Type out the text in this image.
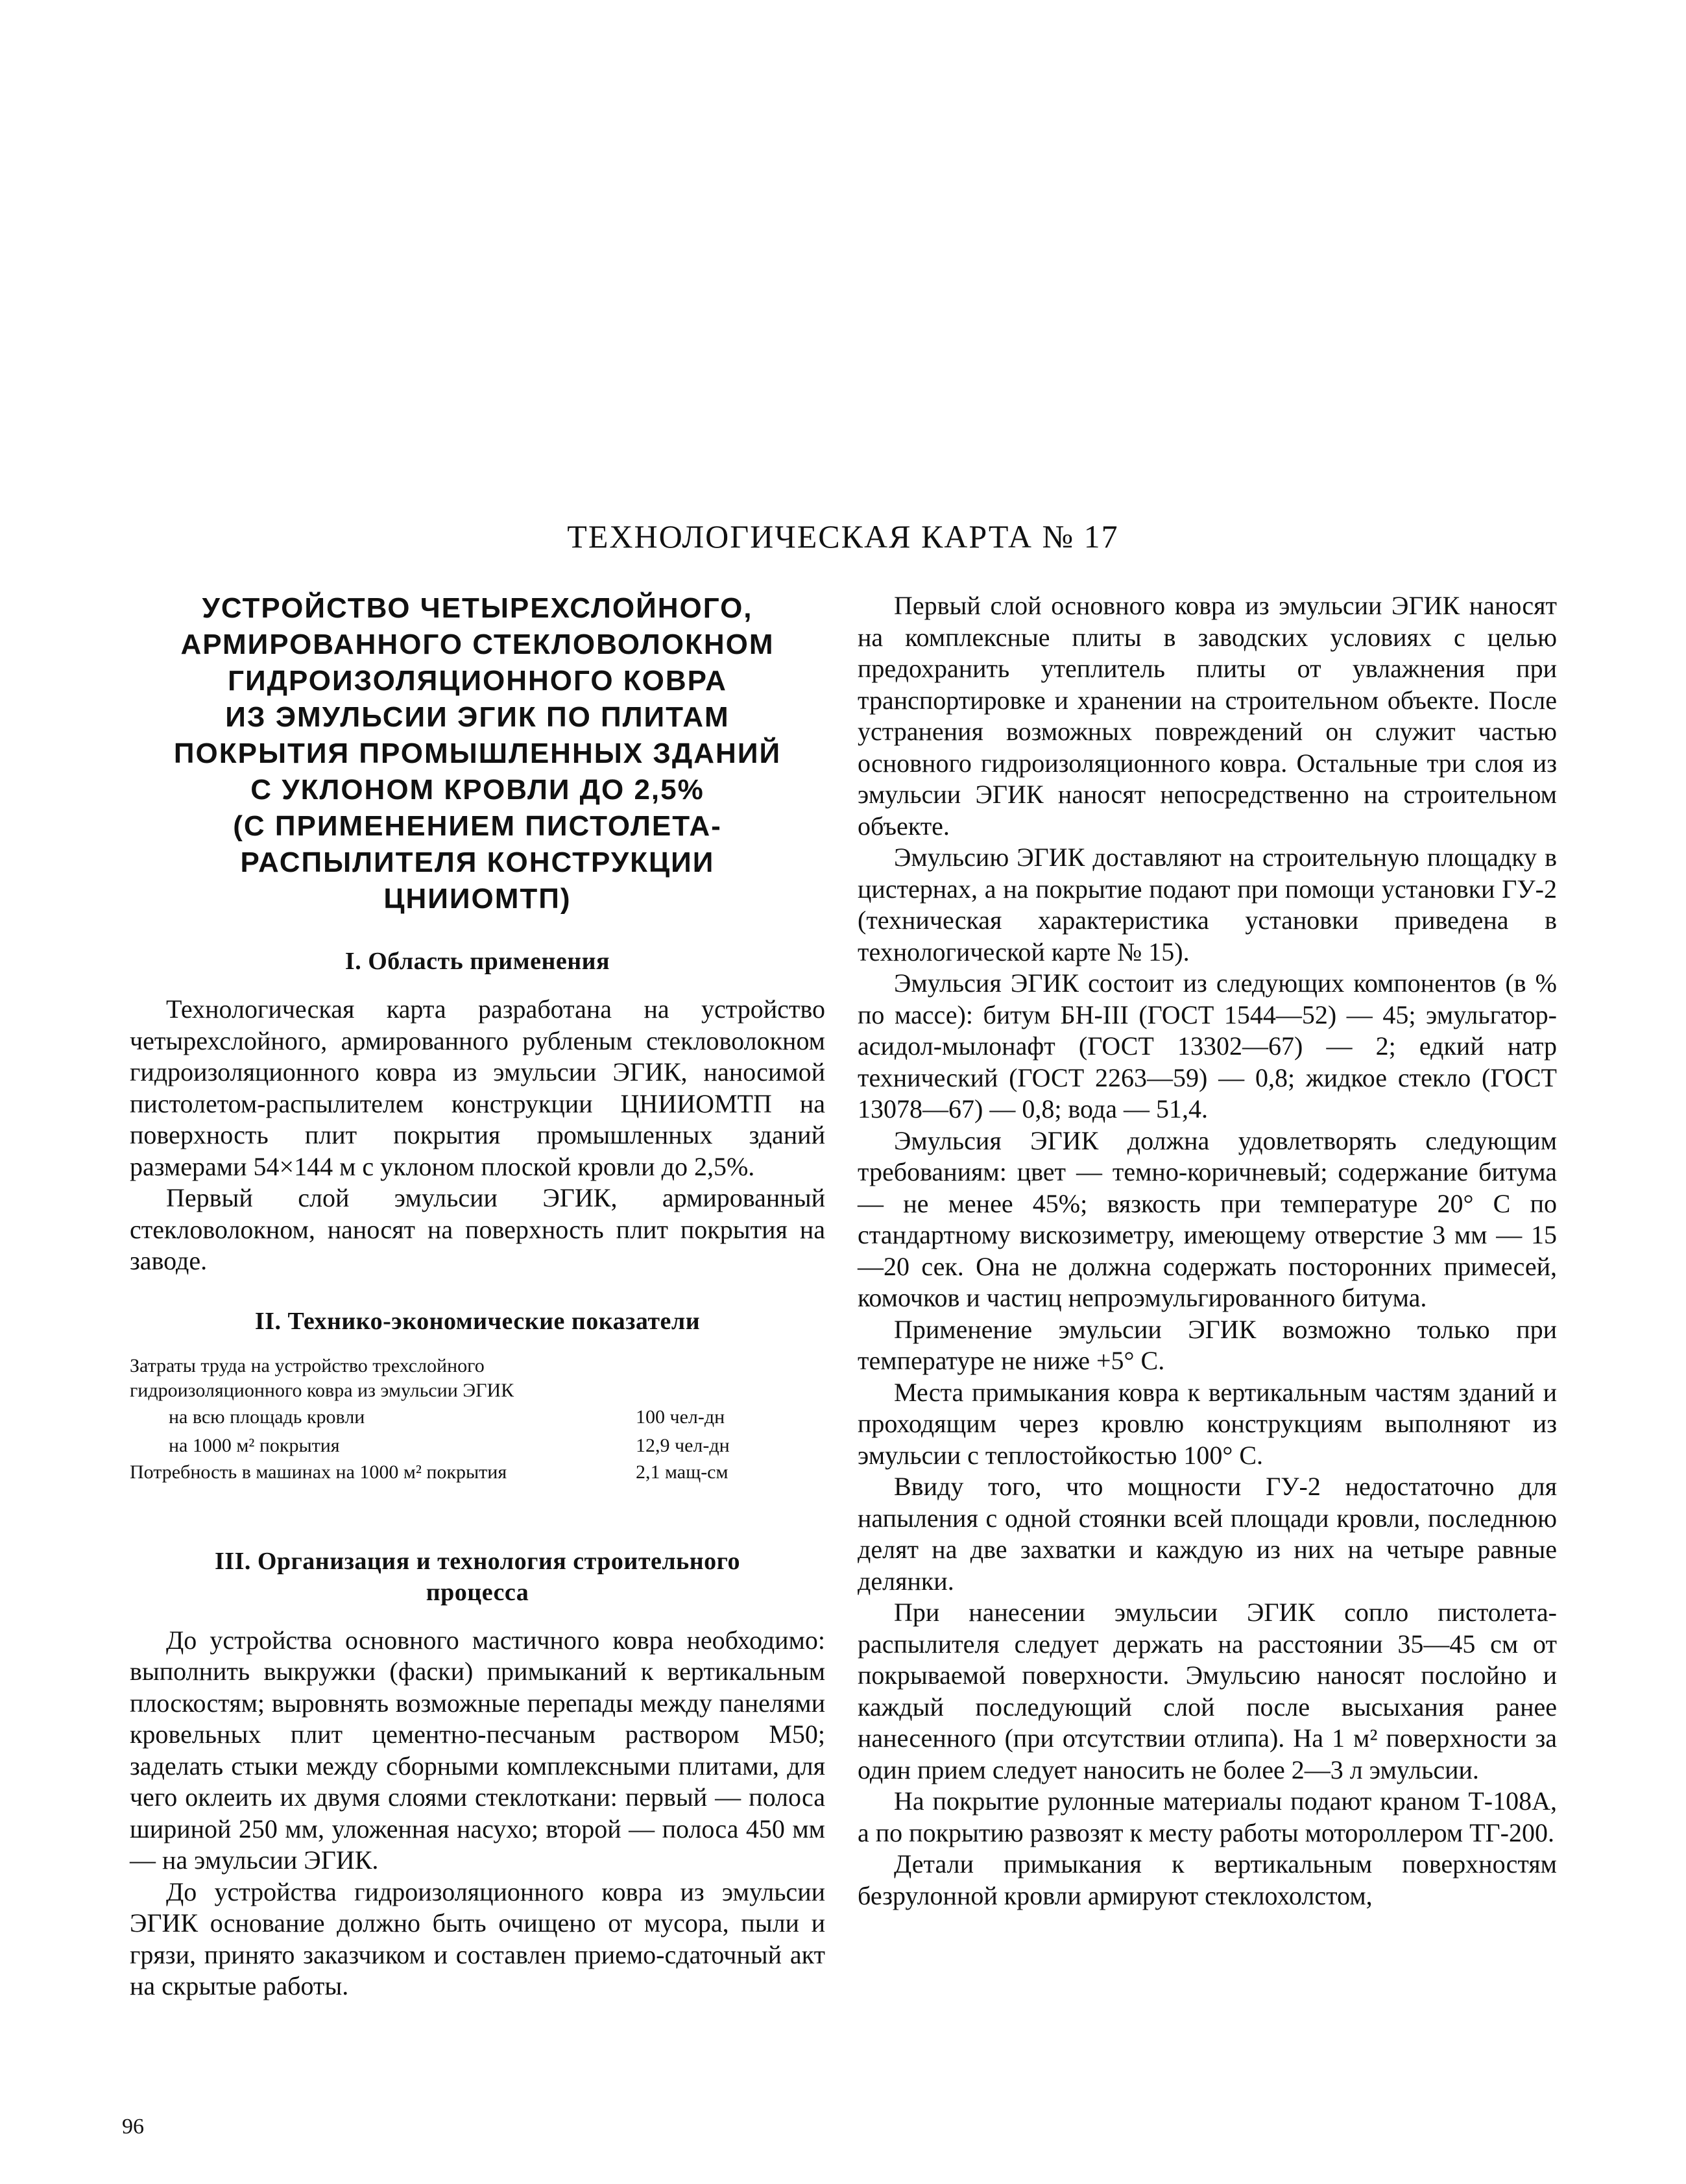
ТЕХНОЛОГИЧЕСКАЯ КАРТА № 17
УСТРОЙСТВО ЧЕТЫРЕХСЛОЙНОГО,
АРМИРОВАННОГО СТЕКЛОВОЛОКНОМ
ГИДРОИЗОЛЯЦИОННОГО КОВРА
ИЗ ЭМУЛЬСИИ ЭГИК ПО ПЛИТАМ
ПОКРЫТИЯ ПРОМЫШЛЕННЫХ ЗДАНИЙ
С УКЛОНОМ КРОВЛИ ДО 2,5%
(С ПРИМЕНЕНИЕМ ПИСТОЛЕТА-
РАСПЫЛИТЕЛЯ КОНСТРУКЦИИ
ЦНИИОМТП)
I. Область применения

Технологическая карта разработана на устройство четырехслойного, армированного рубленым стекловолокном гидроизоляционного ковра из эмульсии ЭГИК, наносимой пистолетом-распылителем конструкции ЦНИИОМТП на поверхность плит покрытия промышленных зданий размерами 54×144 м с уклоном плоской кровли до 2,5%.

Первый слой эмульсии ЭГИК, армированный стекловолокном, наносят на поверхность плит покрытия на заводе.

II. Технико-экономические показатели
Затраты труда на устройство трехслойного гидроизоляционного ковра из эмульсии ЭГИК
на всю площадь кровли	100 чел-дн
на 1000 м² покрытия	12,9 чел-дн
Потребность в машинах на 1000 м² покрытия	2,1 мащ-см
III. Организация и технология строительного
процесса

До устройства основного мастичного ковра необходимо: выполнить выкружки (фаски) примыканий к вертикальным плоскостям; выровнять возможные перепады между панелями кровельных плит цементно-песчаным раствором М50; заделать стыки между сборными комплексными плитами, для чего оклеить их двумя слоями стеклоткани: первый — полоса шириной 250 мм, уложенная насухо; второй — полоса 450 мм — на эмульсии ЭГИК.

До устройства гидроизоляционного ковра из эмульсии ЭГИК основание должно быть очищено от мусора, пыли и грязи, принято заказчиком и составлен приемо-сдаточный акт на скрытые работы.

Первый слой основного ковра из эмульсии ЭГИК наносят на комплексные плиты в заводских условиях с целью предохранить утеплитель плиты от увлажнения при транспортировке и хранении на строительном объекте. После устранения возможных повреждений он служит частью основного гидроизоляционного ковра. Остальные три слоя из эмульсии ЭГИК наносят непосредственно на строительном объекте.

Эмульсию ЭГИК доставляют на строительную площадку в цистернах, а на покрытие подают при помощи установки ГУ-2 (техническая характеристика установки приведена в технологической карте № 15).

Эмульсия ЭГИК состоит из следующих компонентов (в % по массе): битум БН-III (ГОСТ 1544—52) — 45; эмульгатор-асидол-мылонафт (ГОСТ 13302—67) — 2; едкий натр технический (ГОСТ 2263—59) — 0,8; жидкое стекло (ГОСТ 13078—67) — 0,8; вода — 51,4.

Эмульсия ЭГИК должна удовлетворять следующим требованиям: цвет — темно-коричневый; содержание битума — не менее 45%; вязкость при температуре 20° С по стандартному вискозиметру, имеющему отверстие 3 мм — 15—20 сек. Она не должна содержать посторонних примесей, комочков и частиц непроэмульгированного битума.

Применение эмульсии ЭГИК возможно только при температуре не ниже +5° С.

Места примыкания ковра к вертикальным частям зданий и проходящим через кровлю конструкциям выполняют из эмульсии с теплостойкостью 100° С.

Ввиду того, что мощности ГУ-2 недостаточно для напыления с одной стоянки всей площади кровли, последнюю делят на две захватки и каждую из них на четыре равные делянки.

При нанесении эмульсии ЭГИК сопло пистолета-распылителя следует держать на расстоянии 35—45 см от покрываемой поверхности. Эмульсию наносят послойно и каждый последующий слой после высыхания ранее нанесенного (при отсутствии отлипа). На 1 м² поверхности за один прием следует наносить не более 2—3 л эмульсии.

На покрытие рулонные материалы подают краном Т-108А, а по покрытию развозят к месту работы мотороллером ТГ-200.

Детали примыкания к вертикальным поверхностям безрулонной кровли армируют стеклохолстом,

96
